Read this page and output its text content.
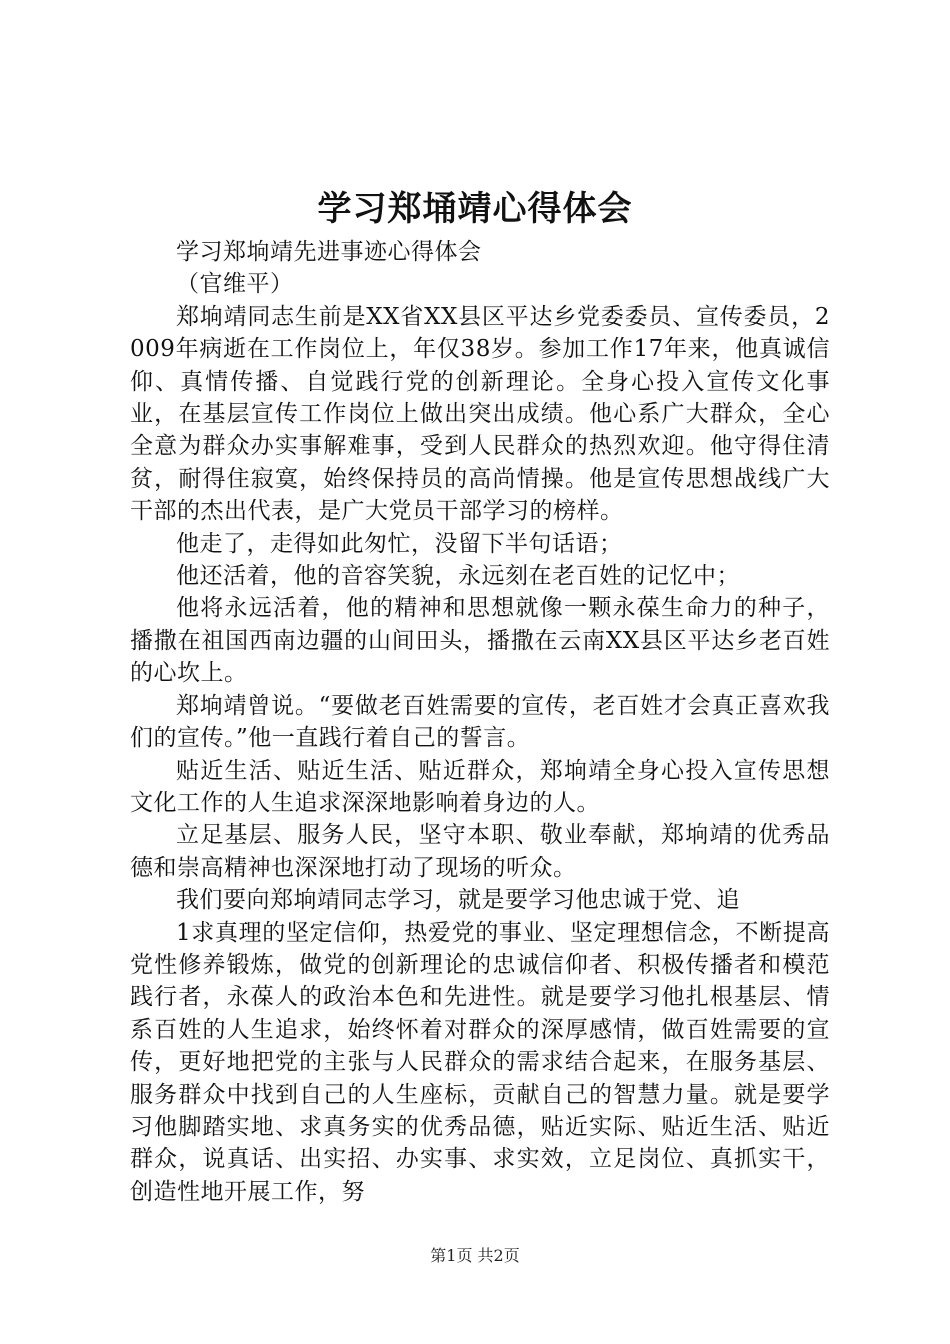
学习郑埇靖心得体会

学习郑垧靖先进事迹心得体会

（官维平）

郑垧靖同志生前是XX省XX县区平达乡党委委员、宣传委员，2009年病逝在工作岗位上，年仅38岁。参加工作17年来，他真诚信仰、真情传播、自觉践行党的创新理论。全身心投入宣传文化事业，在基层宣传工作岗位上做出突出成绩。他心系广大群众，全心全意为群众办实事解难事，受到人民群众的热烈欢迎。他守得住清贫，耐得住寂寞，始终保持员的高尚情操。他是宣传思想战线广大干部的杰出代表，是广大党员干部学习的榜样。

他走了，走得如此匆忙，没留下半句话语；

他还活着，他的音容笑貌，永远刻在老百姓的记忆中；

他将永远活着，他的精神和思想就像一颗永葆生命力的种子，播撒在祖国西南边疆的山间田头，播撒在云南XX县区平达乡老百姓的心坎上。

郑垧靖曾说。“要做老百姓需要的宣传，老百姓才会真正喜欢我们的宣传。”他一直践行着自己的誓言。

贴近生活、贴近生活、贴近群众，郑垧靖全身心投入宣传思想文化工作的人生追求深深地影响着身边的人。

立足基层、服务人民，坚守本职、敬业奉献，郑垧靖的优秀品德和崇高精神也深深地打动了现场的听众。

我们要向郑垧靖同志学习，就是要学习他忠诚于党、追

1求真理的坚定信仰，热爱党的事业、坚定理想信念，不断提高党性修养锻炼，做党的创新理论的忠诚信仰者、积极传播者和模范践行者，永葆人的政治本色和先进性。就是要学习他扎根基层、情系百姓的人生追求，始终怀着对群众的深厚感情，做百姓需要的宣传，更好地把党的主张与人民群众的需求结合起来，在服务基层、服务群众中找到自己的人生座标，贡献自己的智慧力量。就是要学习他脚踏实地、求真务实的优秀品德，贴近实际、贴近生活、贴近群众，说真话、出实招、办实事、求实效，立足岗位、真抓实干，创造性地开展工作，努

第1页 共2页
